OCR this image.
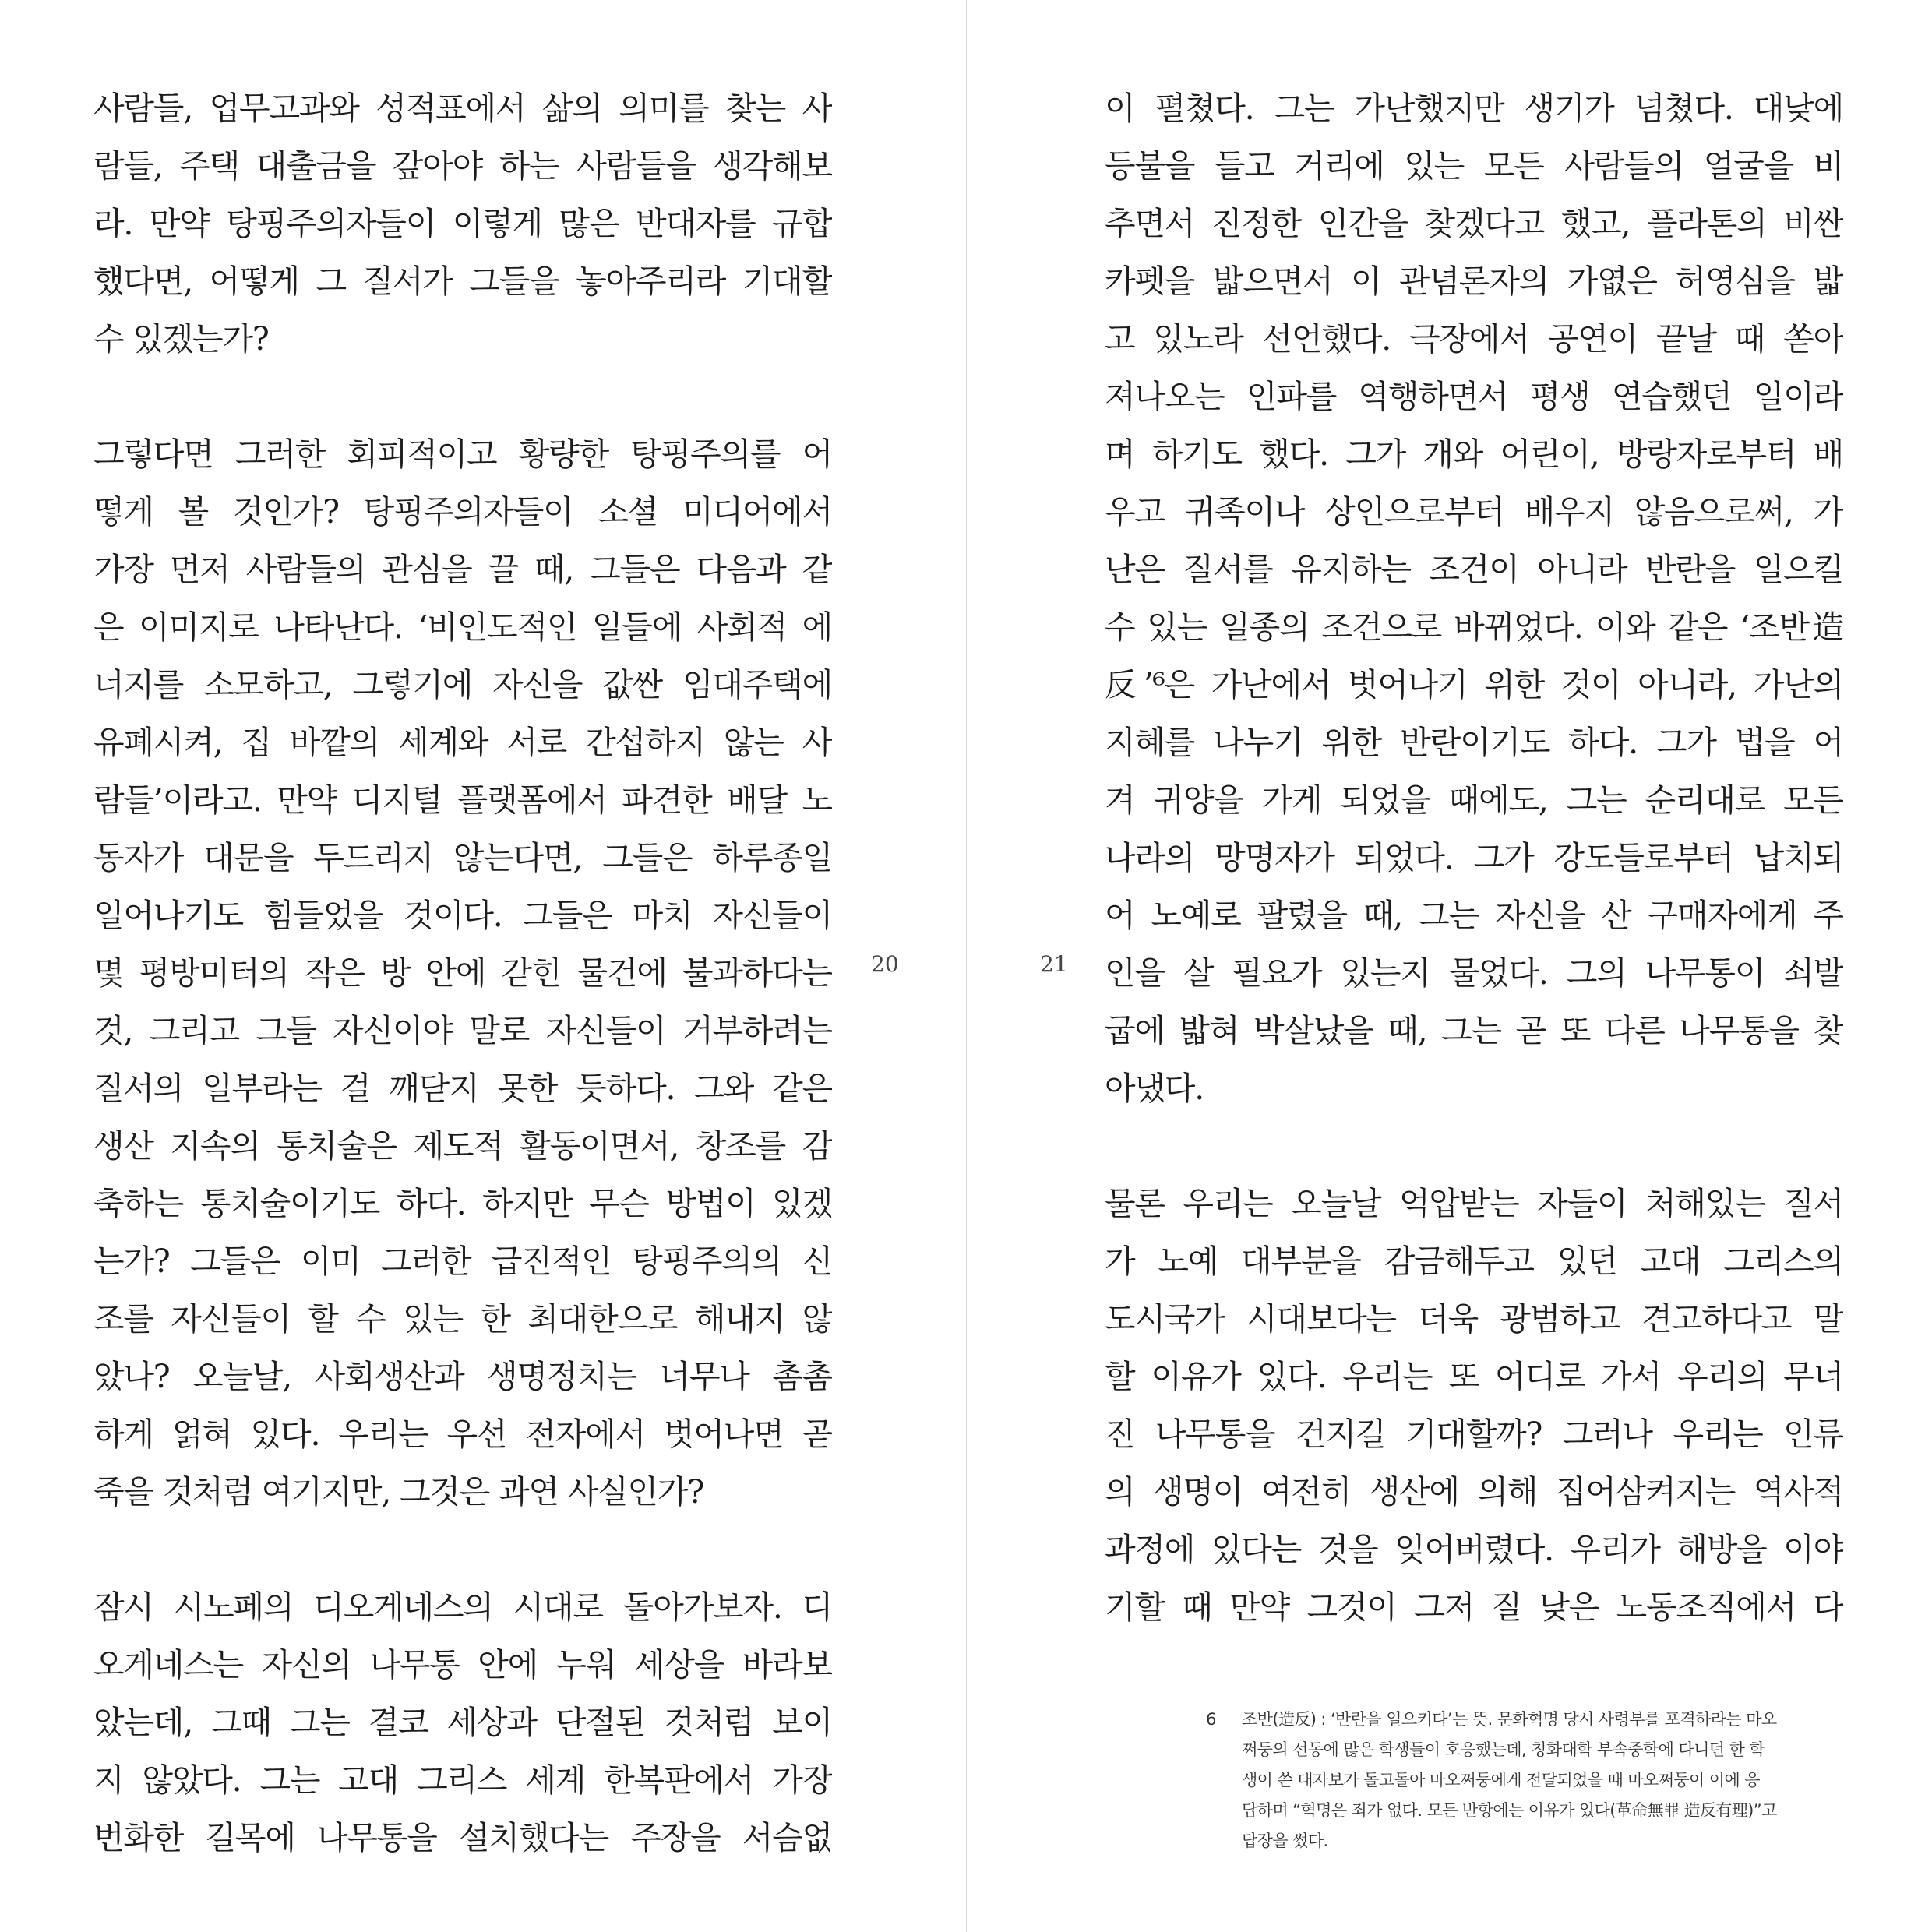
사람들, 업무고과와 성적표에서 삶의 의미를 찾는 사
람들, 주택 대출금을 갚아야 하는 사람들을 생각해보
라. 만약 탕핑주의자들이 이렇게 많은 반대자를 규합
했다면, 어떻게 그 질서가 그들을 놓아주리라 기대할
수 있겠는가?

그렇다면 그러한 회피적이고 황량한 탕핑주의를 어
떻게 볼 것인가? 탕핑주의자들이 소셜 미디어에서
가장 먼저 사람들의 관심을 끌 때, 그들은 다음과 같
은 이미지로 나타난다. ‘비인도적인 일들에 사회적 에
너지를 소모하고, 그렇기에 자신을 값싼 임대주택에
유폐시켜, 집 바깥의 세계와 서로 간섭하지 않는 사
람들’이라고. 만약 디지털 플랫폼에서 파견한 배달 노
동자가 대문을 두드리지 않는다면, 그들은 하루종일
일어나기도 힘들었을 것이다. 그들은 마치 자신들이
몇 평방미터의 작은 방 안에 갇힌 물건에 불과하다는
것, 그리고 그들 자신이야 말로 자신들이 거부하려는
질서의 일부라는 걸 깨닫지 못한 듯하다. 그와 같은
생산 지속의 통치술은 제도적 활동이면서, 창조를 감
축하는 통치술이기도 하다. 하지만 무슨 방법이 있겠
는가? 그들은 이미 그러한 급진적인 탕핑주의의 신
조를 자신들이 할 수 있는 한 최대한으로 해내지 않
았나? 오늘날, 사회생산과 생명정치는 너무나 촘촘
하게 얽혀 있다. 우리는 우선 전자에서 벗어나면 곧
죽을 것처럼 여기지만, 그것은 과연 사실인가?

잠시 시노페의 디오게네스의 시대로 돌아가보자. 디
오게네스는 자신의 나무통 안에 누워 세상을 바라보
았는데, 그때 그는 결코 세상과 단절된 것처럼 보이
지 않았다. 그는 고대 그리스 세계 한복판에서 가장
번화한 길목에 나무통을 설치했다는 주장을 서슴없

20	21

이 펼쳤다. 그는 가난했지만 생기가 넘쳤다. 대낮에
등불을 들고 거리에 있는 모든 사람들의 얼굴을 비
추면서 진정한 인간을 찾겠다고 했고, 플라톤의 비싼
카펫을 밟으면서 이 관념론자의 가엾은 허영심을 밟
고 있노라 선언했다. 극장에서 공연이 끝날 때 쏟아
져나오는 인파를 역행하면서 평생 연습했던 일이라
며 하기도 했다. 그가 개와 어린이, 방랑자로부터 배
우고 귀족이나 상인으로부터 배우지 않음으로써, 가
난은 질서를 유지하는 조건이 아니라 반란을 일으킬
수 있는 일종의 조건으로 바뀌었다. 이와 같은 ‘조반造
反’⁶은 가난에서 벗어나기 위한 것이 아니라, 가난의
지혜를 나누기 위한 반란이기도 하다. 그가 법을 어
겨 귀양을 가게 되었을 때에도, 그는 순리대로 모든
나라의 망명자가 되었다. 그가 강도들로부터 납치되
어 노예로 팔렸을 때, 그는 자신을 산 구매자에게 주
인을 살 필요가 있는지 물었다. 그의 나무통이 쇠발
굽에 밟혀 박살났을 때, 그는 곧 또 다른 나무통을 찾
아냈다.

물론 우리는 오늘날 억압받는 자들이 처해있는 질서
가 노예 대부분을 감금해두고 있던 고대 그리스의
도시국가 시대보다는 더욱 광범하고 견고하다고 말
할 이유가 있다. 우리는 또 어디로 가서 우리의 무너
진 나무통을 건지길 기대할까? 그러나 우리는 인류
의 생명이 여전히 생산에 의해 집어삼켜지는 역사적
과정에 있다는 것을 잊어버렸다. 우리가 해방을 이야
기할 때 만약 그것이 그저 질 낮은 노동조직에서 다

6 조반(造反) : ‘반란을 일으키다’는 뜻. 문화혁명 당시 사령부를 포격하라는 마오
쩌둥의 선동에 많은 학생들이 호응했는데, 칭화대학 부속중학에 다니던 한 학
생이 쓴 대자보가 돌고돌아 마오쩌둥에게 전달되었을 때 마오쩌둥이 이에 응
답하며 “혁명은 죄가 없다. 모든 반항에는 이유가 있다(革命無罪 造反有理)”고
답장을 썼다.
